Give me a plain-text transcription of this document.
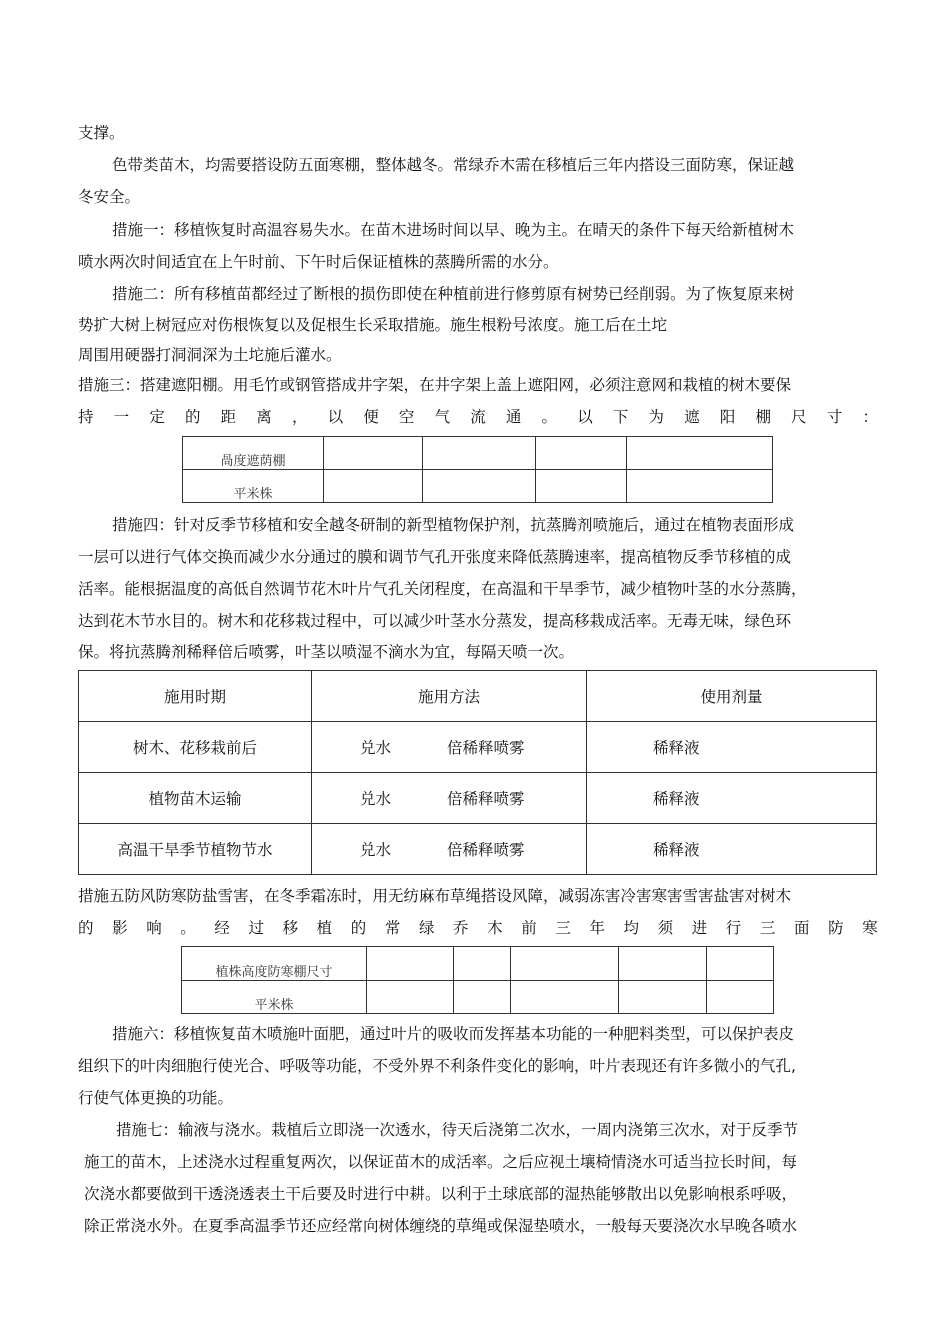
支撑。

色带类苗木，均需要搭设防五面寒棚，整体越冬。常绿乔木需在移植后三年内搭设三面防寒，保证越

冬安全。

措施一：移植恢复时高温容易失水。在苗木进场时间以早、晚为主。在晴天的条件下每天给新植树木

喷水两次时间适宜在上午时前、下午时后保证植株的蒸腾所需的水分。

措施二：所有移植苗都经过了断根的损伤即使在种植前进行修剪原有树势已经削弱。为了恢复原来树

势扩大树上树冠应对伤根恢复以及促根生长采取措施。施生根粉号浓度。施工后在土坨

周围用硬器打洞洞深为土坨施后灌水。

措施三：搭建遮阳棚。用毛竹或钢管搭成井字架，在井字架上盖上遮阳网，必须注意网和栽植的树木要保

持 一 定 的 距 离 ， 以 便 空 气 流 通 。 以 下 为 遮 阳 棚 尺 寸 ：
咼度遮荫棚				
平米株				

措施四：针对反季节移植和安全越冬研制的新型植物保护剂，抗蒸腾剂喷施后，通过在植物表面形成

一层可以进行气体交换而减少水分通过的膜和调节气孔开张度来降低蒸腾速率，提高植物反季节移植的成

活率。能根据温度的高低自然调节花木叶片气孔关闭程度，在高温和干旱季节，减少植物叶茎的水分蒸腾，

达到花木节水目的。树木和花移栽过程中，可以减少叶茎水分蒸发，提高移栽成活率。无毒无味，绿色环

保。将抗蒸腾剂稀释倍后喷雾，叶茎以喷湿不滴水为宜，每隔天喷一次。

施用时期	施用方法	使用剂量
树木、花移栽前后	兑水 倍稀释喷雾	稀释液
植物苗木运输	兑水 倍稀释喷雾	稀释液
高温干旱季节植物节水	兑水 倍稀释喷雾	稀释液

措施五防风防寒防盐雪害，在冬季霜冻时，用无纺麻布草绳搭设风障，减弱冻害冷害寒害雪害盐害对树木

的 影 响 。 经 过 移 植 的 常 绿 乔 木 前 三 年 均 须 进 行 三 面 防 寒
植株高度防寒棚尺寸					
平米株					

措施六：移植恢复苗木喷施叶面肥，通过叶片的吸收而发挥基本功能的一种肥料类型，可以保护表皮

组织下的叶肉细胞行使光合、呼吸等功能，不受外界不利条件变化的影响，叶片表现还有许多微小的气孔,

行使气体更换的功能。

措施七：输液与浇水。栽植后立即浇一次透水，待天后浇第二次水，一周内浇第三次水，对于反季节

施工的苗木，上述浇水过程重复两次，以保证苗木的成活率。之后应视土壤椅情浇水可适当拉长时间，每

次浇水都要做到干透浇透表土干后要及时进行中耕。以利于土球底部的湿热能够散出以免影响根系呼吸，

除正常浇水外。在夏季高温季节还应经常向树体缠绕的草绳或保湿垫喷水，一般每天要浇次水早晚各喷水
